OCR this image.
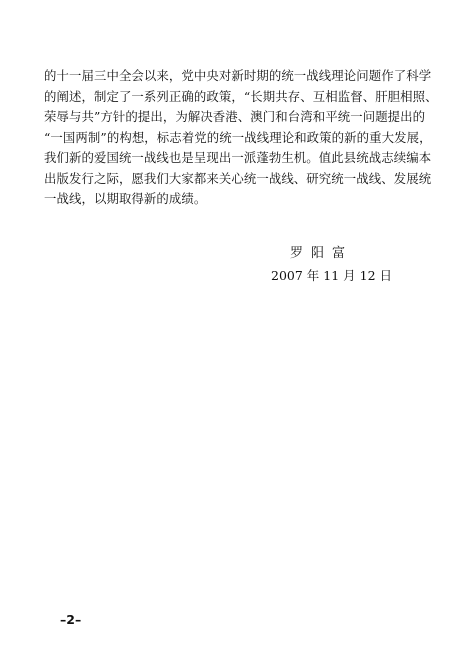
的十一届三中全会以来，党中央对新时期的统一战线理论问题作了科学
的阐述，制定了一系列正确的政策，“长期共存、互相监督、肝胆相照、
荣辱与共”方针的提出，为解决香港、澳门和台湾和平统一问题提出的
“一国两制”的构想，标志着党的统一战线理论和政策的新的重大发展，
我们新的爱国统一战线也是呈现出一派蓬勃生机。值此县统战志续编本
出版发行之际，愿我们大家都来关心统一战线、研究统一战线、发展统
一战线，以期取得新的成绩。
罗阳富
2007 年 11 月 12 日
–2–
